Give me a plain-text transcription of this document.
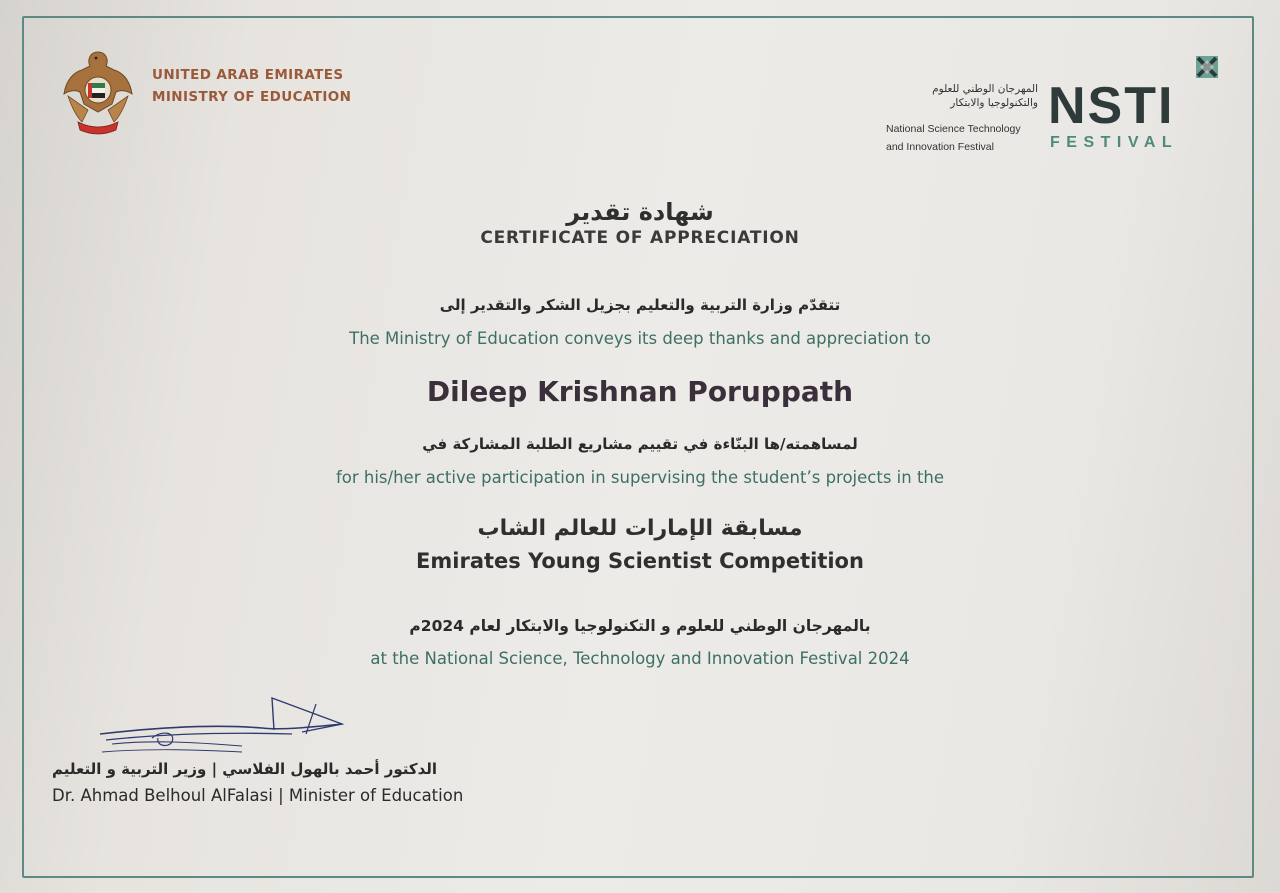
UNITED ARAB EMIRATES
MINISTRY OF EDUCATION	المهرجان الوطني للعلوم
والتكنولوجيا والابتكار
National Science Technology
and Innovation Festival
NSTI
FESTIVAL
شهادة تقدير
CERTIFICATE OF APPRECIATION
تتقدّم وزارة التربية والتعليم بجزيل الشكر والتقدير إلى
The Ministry of Education conveys its deep thanks and appreciation to
Dileep Krishnan Poruppath
لمساهمته/ها البنّاءة في تقييم مشاريع الطلبة المشاركة في
for his/her active participation in supervising the student’s projects in the
مسابقة الإمارات للعالم الشاب
Emirates Young Scientist Competition
بالمهرجان الوطني للعلوم و التكنولوجيا والابتكار لعام 2024م
at the National Science, Technology and Innovation Festival 2024
الدكتور أحمد بالهول الفلاسي | وزير التربية و التعليم
Dr. Ahmad Belhoul AlFalasi | Minister of Education
